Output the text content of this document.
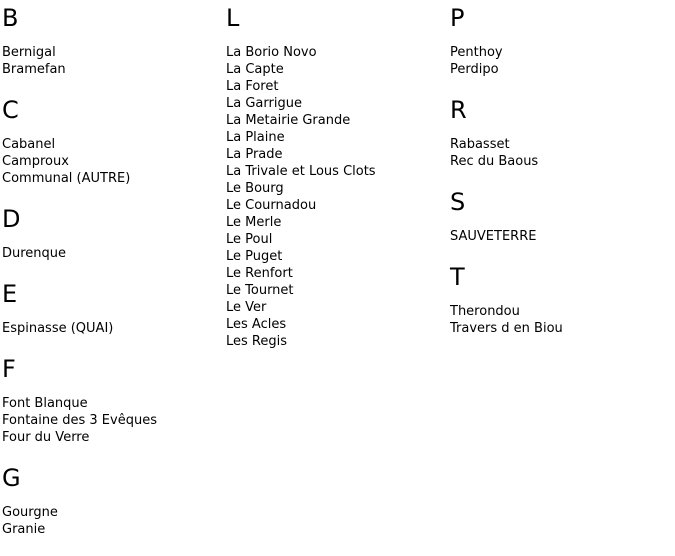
B
Bernigal
Bramefan
C
Cabanel
Camproux
Communal (AUTRE)
D
Durenque
E
Espinasse (QUAI)
F
Font Blanque
Fontaine des 3 Evêques
Four du Verre
G
Gourgne
Granie
L
La Borio Novo
La Capte
La Foret
La Garrigue
La Metairie Grande
La Plaine
La Prade
La Trivale et Lous Clots
Le Bourg
Le Cournadou
Le Merle
Le Poul
Le Puget
Le Renfort
Le Tournet
Le Ver
Les Acles
Les Regis
P
Penthoy
Perdipo
R
Rabasset
Rec du Baous
S
SAUVETERRE
T
Therondou
Travers d en Biou
